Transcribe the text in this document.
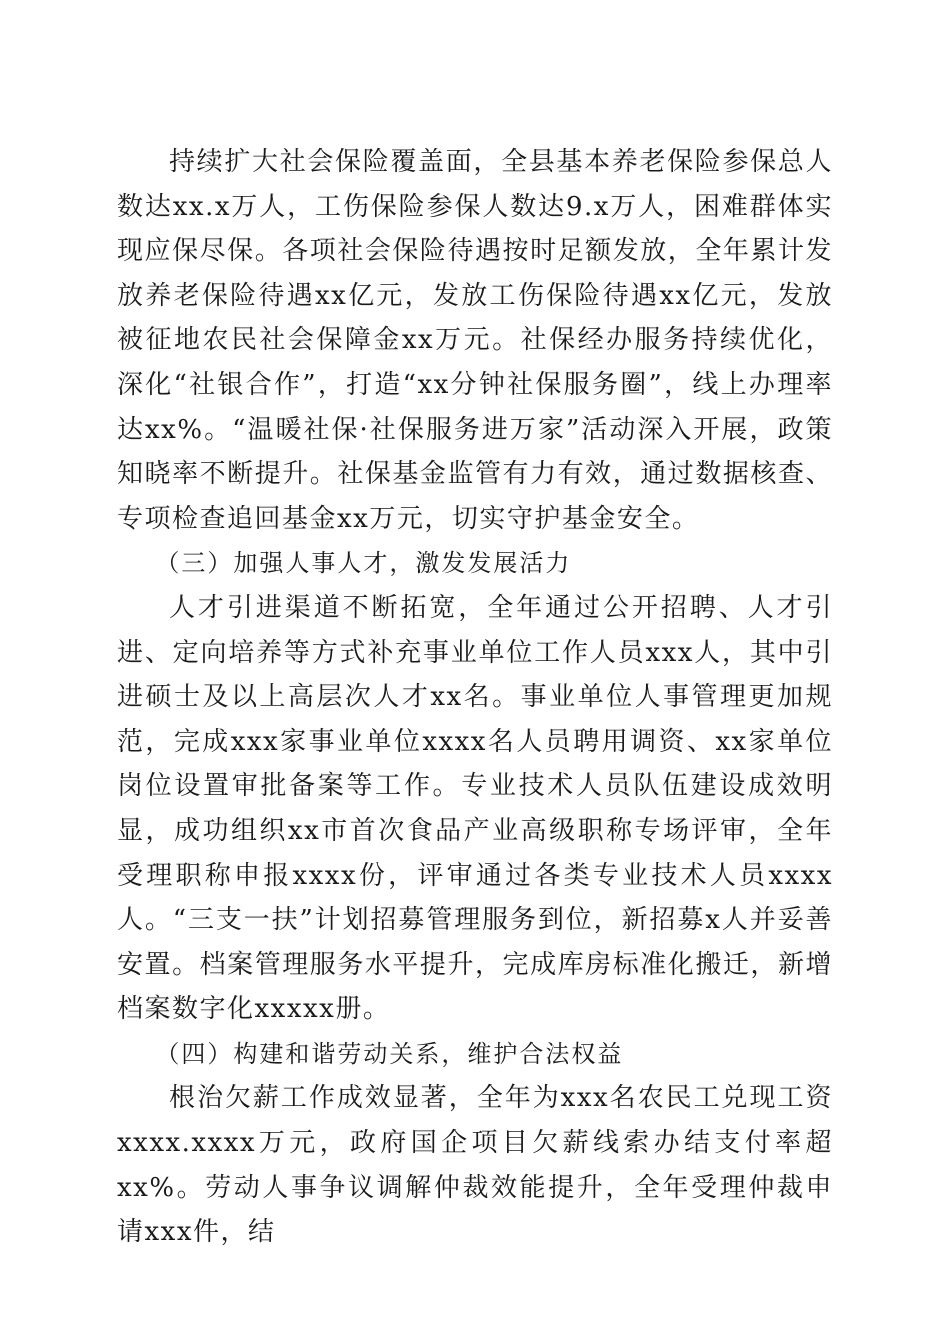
持续扩大社会保险覆盖面，全县基本养老保险参保总人数达xx.x万人，工伤保险参保人数达9.x万人，困难群体实现应保尽保。各项社会保险待遇按时足额发放，全年累计发放养老保险待遇xx亿元，发放工伤保险待遇xx亿元，发放被征地农民社会保障金xx万元。社保经办服务持续优化，深化“社银合作”，打造“xx分钟社保服务圈”，线上办理率达xx%。“温暖社保·社保服务进万家”活动深入开展，政策知晓率不断提升。社保基金监管有力有效，通过数据核查、专项检查追回基金xx万元，切实守护基金安全。

（三）加强人事人才，激发发展活力

人才引进渠道不断拓宽，全年通过公开招聘、人才引进、定向培养等方式补充事业单位工作人员xxx人，其中引进硕士及以上高层次人才xx名。事业单位人事管理更加规范，完成xxx家事业单位xxxx名人员聘用调资、xx家单位岗位设置审批备案等工作。专业技术人员队伍建设成效明显，成功组织xx市首次食品产业高级职称专场评审，全年受理职称申报xxxx份，评审通过各类专业技术人员xxxx人。“三支一扶”计划招募管理服务到位，新招募x人并妥善安置。档案管理服务水平提升，完成库房标准化搬迁，新增档案数字化xxxxx册。

（四）构建和谐劳动关系，维护合法权益

根治欠薪工作成效显著，全年为xxx名农民工兑现工资xxxx.xxxx万元，政府国企项目欠薪线索办结支付率超xx%。劳动人事争议调解仲裁效能提升，全年受理仲裁申请xxx件，结
